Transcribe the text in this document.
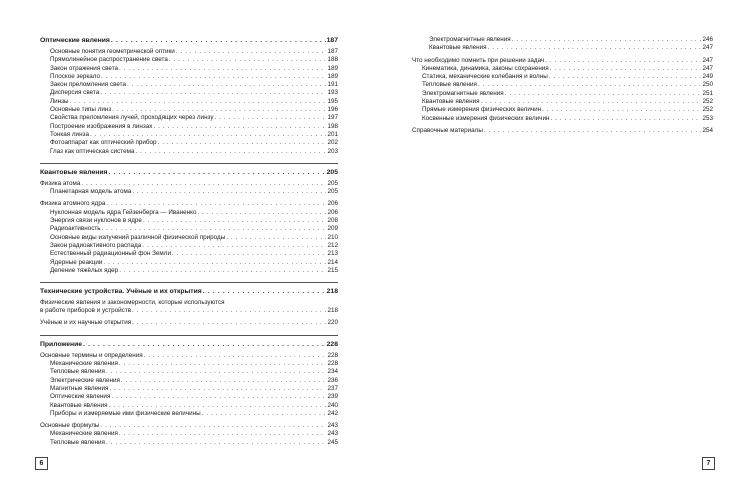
Оптические явления . . .	187
Основные понятия геометрической оптики . . .	187
Прямолинейное распространение света . . .	188
Закон отражения света . . .	189
Плоское зеркало . . .	189
Закон преломления света . . .	191
Дисперсия света . . .	193
Линзы . . .	195
Основные типы линз . . .	196
Свойства преломления лучей, проходящих через линзу . . .	197
Построение изображения в линзах . . .	198
Тонкая линза . . .	201
Фотоаппарат как оптический прибор . . .	202
Глаз как оптическая система . . .	203
Квантовые явления . . .	205
Физика атома . . .	205
Планетарная модель атома . . .	205
Физика атомного ядра . . .	206
Нуклонная модель ядра Гейзенберга — Иваненко . . .	206
Энергия связи нуклонов в ядре . . .	208
Радиоактивность . . .	209
Основные виды излучений различной физической природы . . .	210
Закон радиоактивного распада . . .	212
Естественный радиационный фон Земли . . .	213
Ядерные реакции . . .	214
Деление тяжёлых ядер . . .	215
Технические устройства. Учёные и их открытия . . .	218
Физические явления и закономерности, которые используются
в работе приборов и устройств . . .	218
Учёные и их научные открытия . . .	220
Приложение . . .	228
Основные термины и определения . . .	228
Механические явления . . .	228
Тепловые явления . . .	234
Электрические явления . . .	236
Магнитные явления . . .	237
Оптические явления . . .	239
Квантовые явления . . .	240
Приборы и измеряемые ими физические величины . . .	242
Основные формулы . . .	243
Механические явления . . .	243
Тепловые явления . . .	245
6
Электромагнитные явления . . .	246
Квантовые явления . . .	247
Что необходимо помнить при решении задач . . .	247
Кинематика, динамика, законы сохранения . . .	247
Статика, механические колебания и волны . . .	249
Тепловые явления . . .	250
Электромагнитные явления . . .	251
Квантовые явления . . .	252
Прямые измерения физических величин . . .	252
Косвенные измерения физических величин . . .	253
Справочные материалы . . .	254
7
